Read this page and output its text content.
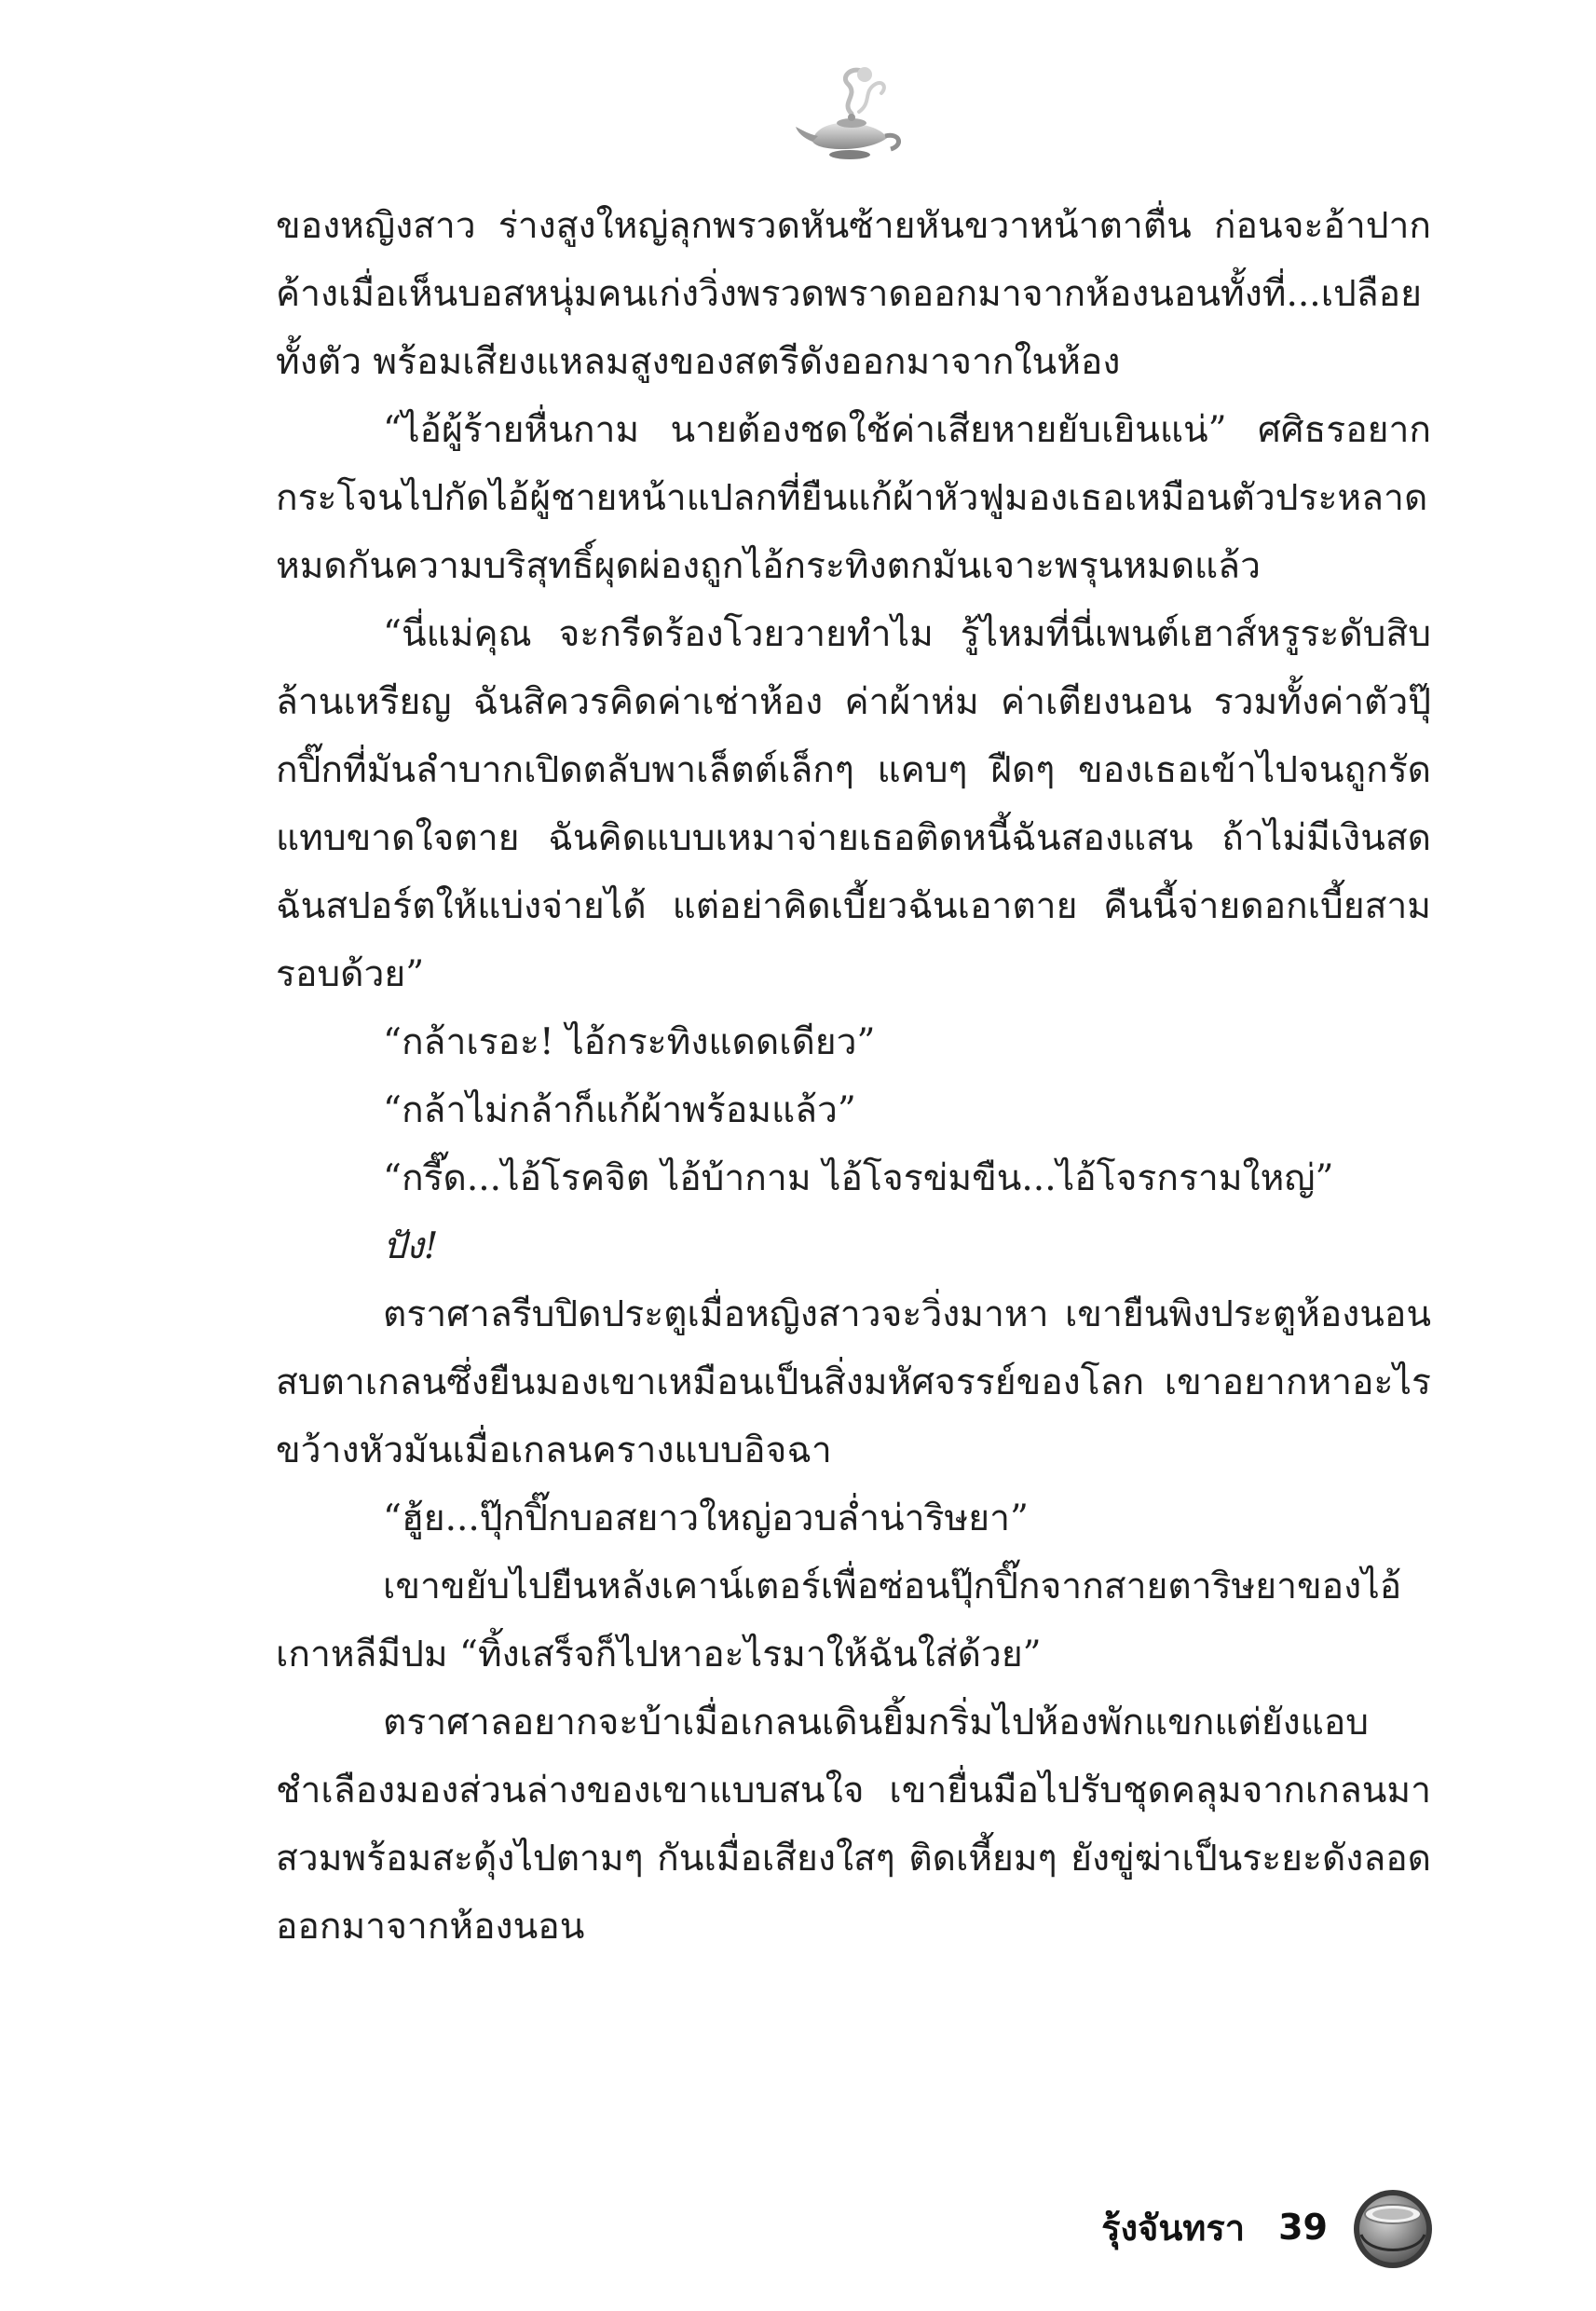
ของหญิงสาว ร่างสูงใหญ่ลุกพรวดหันซ้ายหันขวาหน้าตาตื่น ก่อนจะอ้าปากค้างเมื่อเห็นบอสหนุ่มคนเก่งวิ่งพรวดพราดออกมาจากห้องนอนทั้งที่...เปลือยทั้งตัว พร้อมเสียงแหลมสูงของสตรีดังออกมาจากในห้อง

“ไอ้ผู้ร้ายหื่นกาม นายต้องชดใช้ค่าเสียหายยับเยินแน่” ศศิธรอยากกระโจนไปกัดไอ้ผู้ชายหน้าแปลกที่ยืนแก้ผ้าหัวฟูมองเธอเหมือนตัวประหลาด หมดกันความบริสุทธิ์ผุดผ่องถูกไอ้กระทิงตกมันเจาะพรุนหมดแล้ว

“นี่แม่คุณ จะกรีดร้องโวยวายทำไม รู้ไหมที่นี่เพนต์เฮาส์หรูระดับสิบล้านเหรียญ ฉันสิควรคิดค่าเช่าห้อง ค่าผ้าห่ม ค่าเตียงนอน รวมทั้งค่าตัวปุ๊กปิ๊กที่มันลำบากเปิดตลับพาเล็ตต์เล็กๆ แคบๆ ฝืดๆ ของเธอเข้าไปจนถูกรัดแทบขาดใจตาย ฉันคิดแบบเหมาจ่ายเธอติดหนี้ฉันสองแสน ถ้าไม่มีเงินสด ฉันสปอร์ตให้แบ่งจ่ายได้ แต่อย่าคิดเบี้ยวฉันเอาตาย คืนนี้จ่ายดอกเบี้ยสามรอบด้วย”

“กล้าเรอะ! ไอ้กระทิงแดดเดียว”

“กล้าไม่กล้าก็แก้ผ้าพร้อมแล้ว”

“กรี๊ด...ไอ้โรคจิต ไอ้บ้ากาม ไอ้โจรข่มขืน...ไอ้โจรกรามใหญ่”

ปัง!

ตราศาลรีบปิดประตูเมื่อหญิงสาวจะวิ่งมาหา เขายืนพิงประตูห้องนอนสบตาเกลนซึ่งยืนมองเขาเหมือนเป็นสิ่งมหัศจรรย์ของโลก เขาอยากหาอะไรขว้างหัวมันเมื่อเกลนครางแบบอิจฉา

“ฮู้ย...ปุ๊กปิ๊กบอสยาวใหญ่อวบล่ำน่าริษยา”

เขาขยับไปยืนหลังเคาน์เตอร์เพื่อซ่อนปุ๊กปิ๊กจากสายตาริษยาของไอ้เกาหลีมีปม “ทิ้งเสร็จก็ไปหาอะไรมาให้ฉันใส่ด้วย”

ตราศาลอยากจะบ้าเมื่อเกลนเดินยิ้มกริ่มไปห้องพักแขกแต่ยังแอบชำเลืองมองส่วนล่างของเขาแบบสนใจ เขายื่นมือไปรับชุดคลุมจากเกลนมาสวมพร้อมสะดุ้งไปตามๆ กันเมื่อเสียงใสๆ ติดเหี้ยมๆ ยังขู่ฆ่าเป็นระยะดังลอดออกมาจากห้องนอน

รุ้งจันทรา 39
